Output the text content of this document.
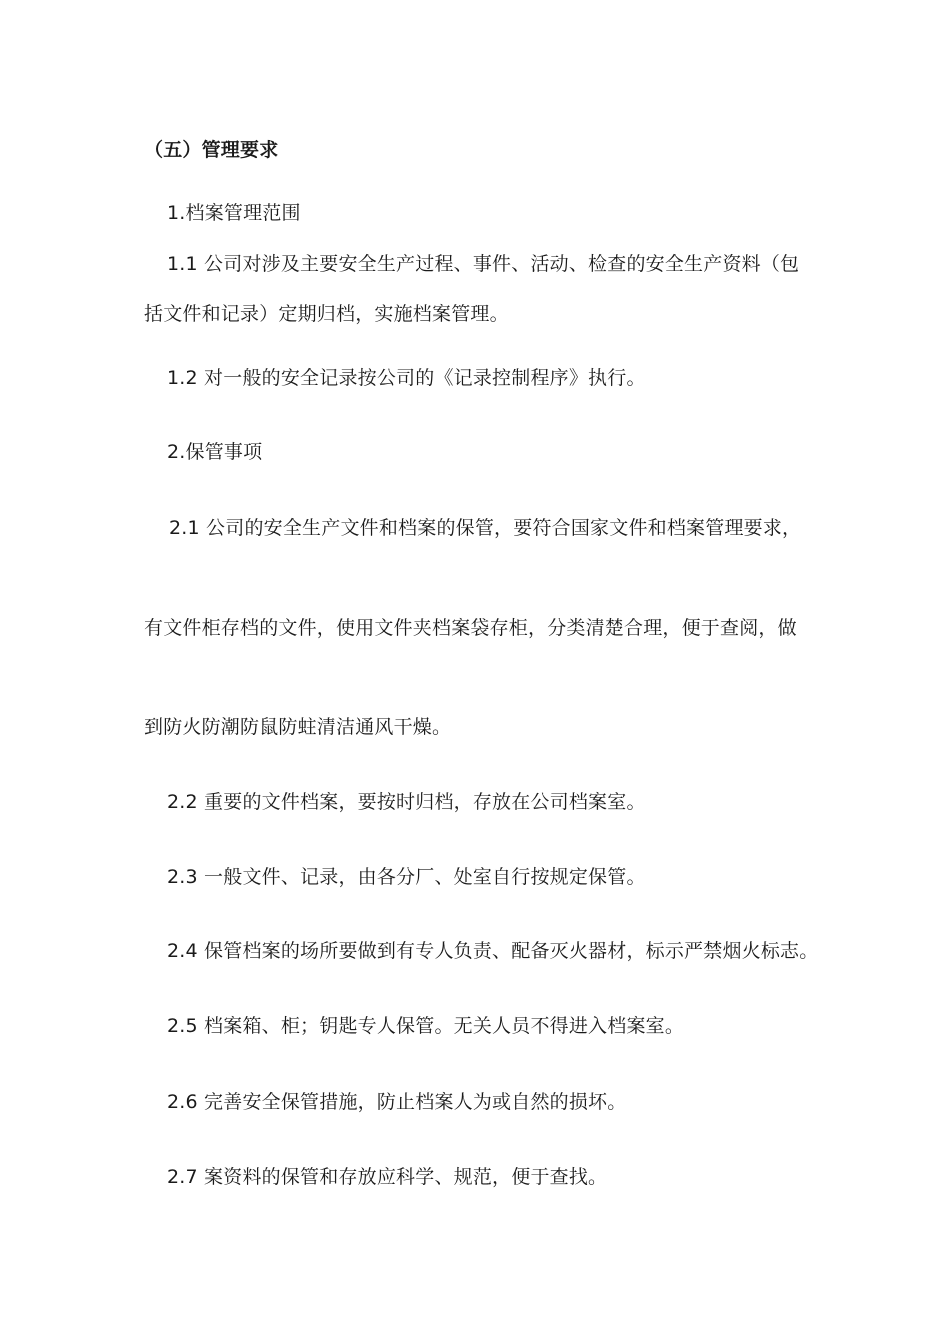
（五）管理要求
1.档案管理范围
1.1 公司对涉及主要安全生产过程、事件、活动、检查的安全生产资料（包
括文件和记录）定期归档，实施档案管理。
1.2 对一般的安全记录按公司的《记录控制程序》执行。
2.保管事项
2.1 公司的安全生产文件和档案的保管，要符合国家文件和档案管理要求，
有文件柜存档的文件，使用文件夹档案袋存柜，分类清楚合理，便于查阅，做
到防火防潮防鼠防蛀清洁通风干燥。
2.2 重要的文件档案，要按时归档，存放在公司档案室。
2.3 一般文件、记录，由各分厂、处室自行按规定保管。
2.4 保管档案的场所要做到有专人负责、配备灭火器材，标示严禁烟火标志。
2.5 档案箱、柜；钥匙专人保管。无关人员不得进入档案室。
2.6 完善安全保管措施，防止档案人为或自然的损坏。
2.7 案资料的保管和存放应科学、规范，便于查找。
